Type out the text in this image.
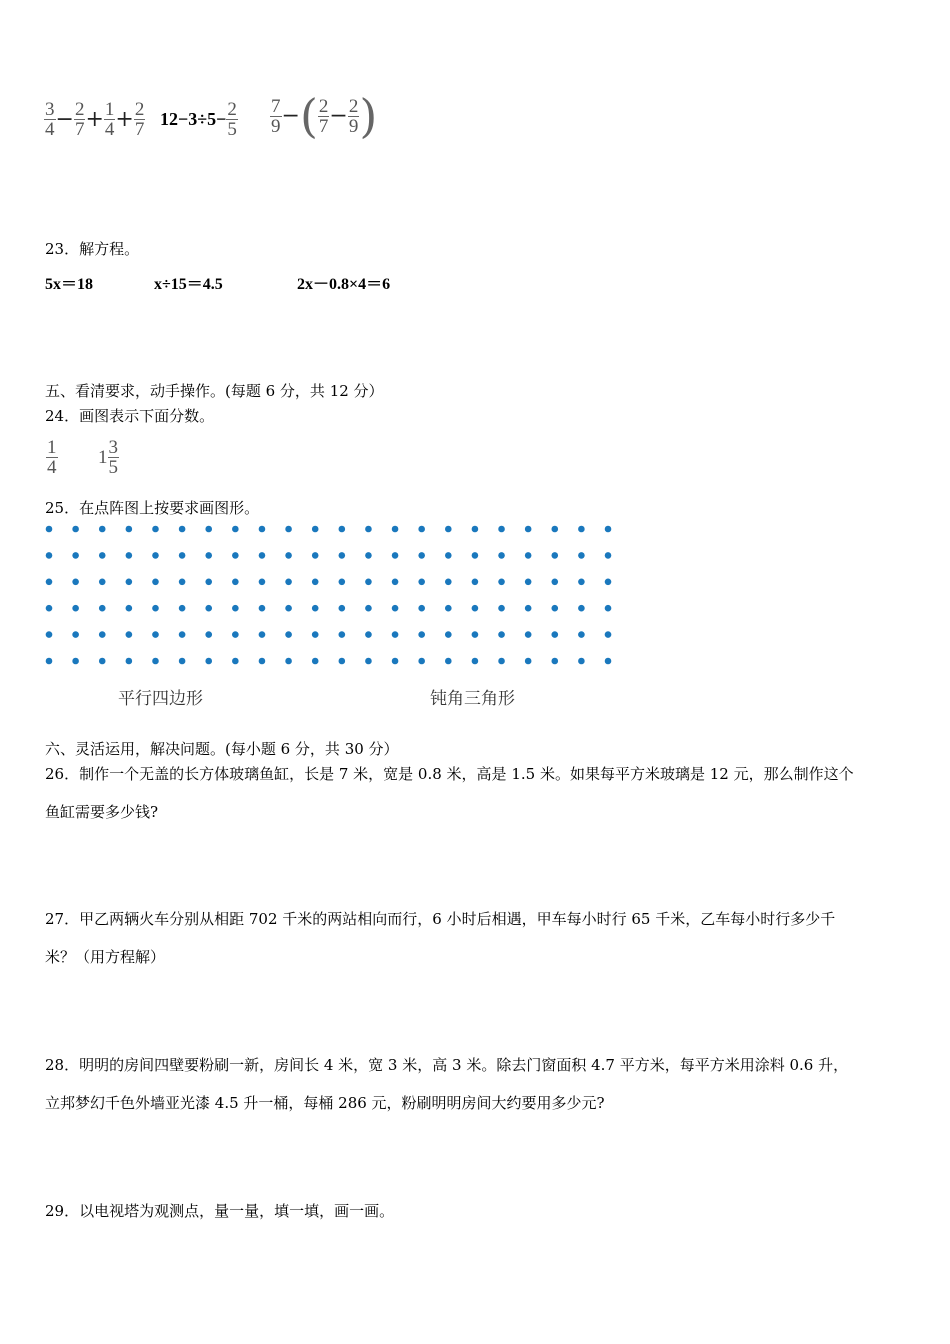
$\frac{3}{4} - \frac{2}{7} + \frac{1}{4} + \frac{2}{7} 12-3\div 5- \frac{2}{5} \frac{7}{9}$ −( $\frac{2}{7} - \frac{2}{9}$ )
23．解方程。
5x＝18	x÷15＝4.5	2x－0.8×4＝6
五、看清要求，动手操作。(每题 6 分，共 12 分）
24．画图表示下面分数。
$\frac{1}{4} 1 \frac{3}{5}$
25．在点阵图上按要求画图形。
平行四边形	钝角三角形
六、灵活运用，解决问题。(每小题 6 分，共 30 分）
26．制作一个无盖的长方体玻璃鱼缸，长是 7 米，宽是 0.8 米，高是 1.5 米。如果每平方米玻璃是 12 元，那么制作这个
鱼缸需要多少钱?
27．甲乙两辆火车分别从相距 702 千米的两站相向而行，6 小时后相遇，甲车每小时行 65 千米，乙车每小时行多少千
米？（用方程解）
28．明明的房间四壁要粉刷一新，房间长 4 米，宽 3 米，高 3 米。除去门窗面积 4.7 平方米，每平方米用涂料 0.6 升，
立邦梦幻千色外墙亚光漆 4.5 升一桶，每桶 286 元，粉刷明明房间大约要用多少元?
29．以电视塔为观测点，量一量，填一填，画一画。
